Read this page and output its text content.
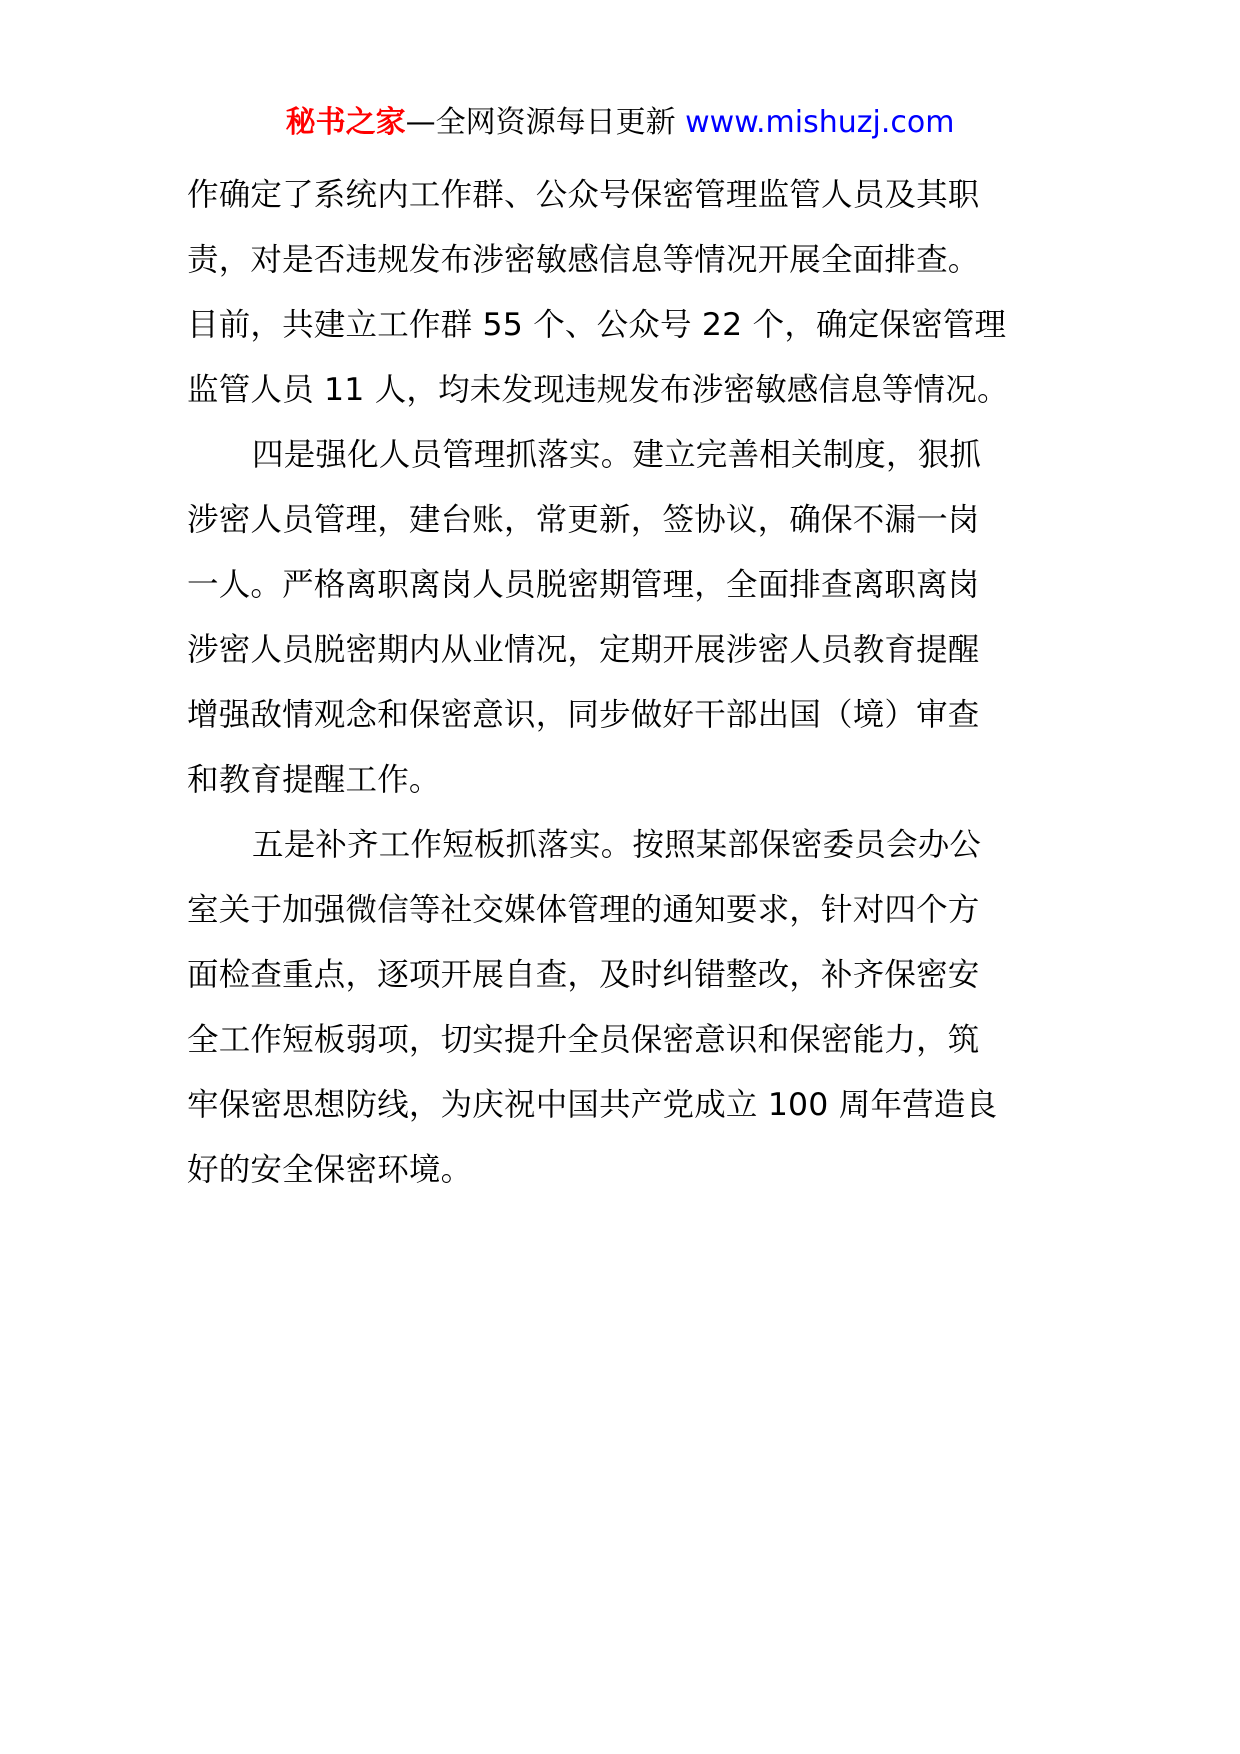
秘书之家—全网资源每日更新 www.mishuzj.com
作确定了系统内工作群、公众号保密管理监管人员及其职
责，对是否违规发布涉密敏感信息等情况开展全面排查。
目前，共建立工作群 55 个、公众号 22 个，确定保密管理
监管人员 11 人，均未发现违规发布涉密敏感信息等情况。
四是强化人员管理抓落实。建立完善相关制度，狠抓
涉密人员管理，建台账，常更新，签协议，确保不漏一岗
一人。严格离职离岗人员脱密期管理，全面排查离职离岗
涉密人员脱密期内从业情况，定期开展涉密人员教育提醒
增强敌情观念和保密意识，同步做好干部出国（境）审查
和教育提醒工作。
五是补齐工作短板抓落实。按照某部保密委员会办公
室关于加强微信等社交媒体管理的通知要求，针对四个方
面检查重点，逐项开展自查，及时纠错整改，补齐保密安
全工作短板弱项，切实提升全员保密意识和保密能力，筑
牢保密思想防线，为庆祝中国共产党成立 100 周年营造良
好的安全保密环境。
